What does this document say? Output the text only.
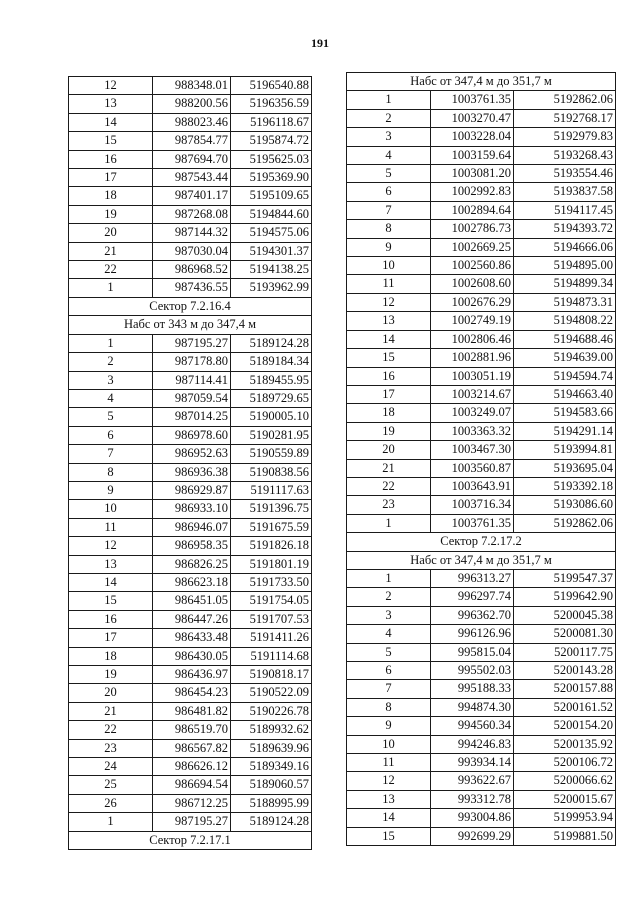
191
12	988348.01	5196540.88
13	988200.56	5196356.59
14	988023.46	5196118.67
15	987854.77	5195874.72
16	987694.70	5195625.03
17	987543.44	5195369.90
18	987401.17	5195109.65
19	987268.08	5194844.60
20	987144.32	5194575.06
21	987030.04	5194301.37
22	986968.52	5194138.25
1	987436.55	5193962.99
Сектор 7.2.16.4		
Набс от 343 м до 347,4 м		
1	987195.27	5189124.28
2	987178.80	5189184.34
3	987114.41	5189455.95
4	987059.54	5189729.65
5	987014.25	5190005.10
6	986978.60	5190281.95
7	986952.63	5190559.89
8	986936.38	5190838.56
9	986929.87	5191117.63
10	986933.10	5191396.75
11	986946.07	5191675.59
12	986958.35	5191826.18
13	986826.25	5191801.19
14	986623.18	5191733.50
15	986451.05	5191754.05
16	986447.26	5191707.53
17	986433.48	5191411.26
18	986430.05	5191114.68
19	986436.97	5190818.17
20	986454.23	5190522.09
21	986481.82	5190226.78
22	986519.70	5189932.62
23	986567.82	5189639.96
24	986626.12	5189349.16
25	986694.54	5189060.57
26	986712.25	5188995.99
1	987195.27	5189124.28
Сектор 7.2.17.1		
Набс от 347,4 м до 351,7 м		
1	1003761.35	5192862.06
2	1003270.47	5192768.17
3	1003228.04	5192979.83
4	1003159.64	5193268.43
5	1003081.20	5193554.46
6	1002992.83	5193837.58
7	1002894.64	5194117.45
8	1002786.73	5194393.72
9	1002669.25	5194666.06
10	1002560.86	5194895.00
11	1002608.60	5194899.34
12	1002676.29	5194873.31
13	1002749.19	5194808.22
14	1002806.46	5194688.46
15	1002881.96	5194639.00
16	1003051.19	5194594.74
17	1003214.67	5194663.40
18	1003249.07	5194583.66
19	1003363.32	5194291.14
20	1003467.30	5193994.81
21	1003560.87	5193695.04
22	1003643.91	5193392.18
23	1003716.34	5193086.60
1	1003761.35	5192862.06
Сектор 7.2.17.2		
Набс от 347,4 м до 351,7 м		
1	996313.27	5199547.37
2	996297.74	5199642.90
3	996362.70	5200045.38
4	996126.96	5200081.30
5	995815.04	5200117.75
6	995502.03	5200143.28
7	995188.33	5200157.88
8	994874.30	5200161.52
9	994560.34	5200154.20
10	994246.83	5200135.92
11	993934.14	5200106.72
12	993622.67	5200066.62
13	993312.78	5200015.67
14	993004.86	5199953.94
15	992699.29	5199881.50
